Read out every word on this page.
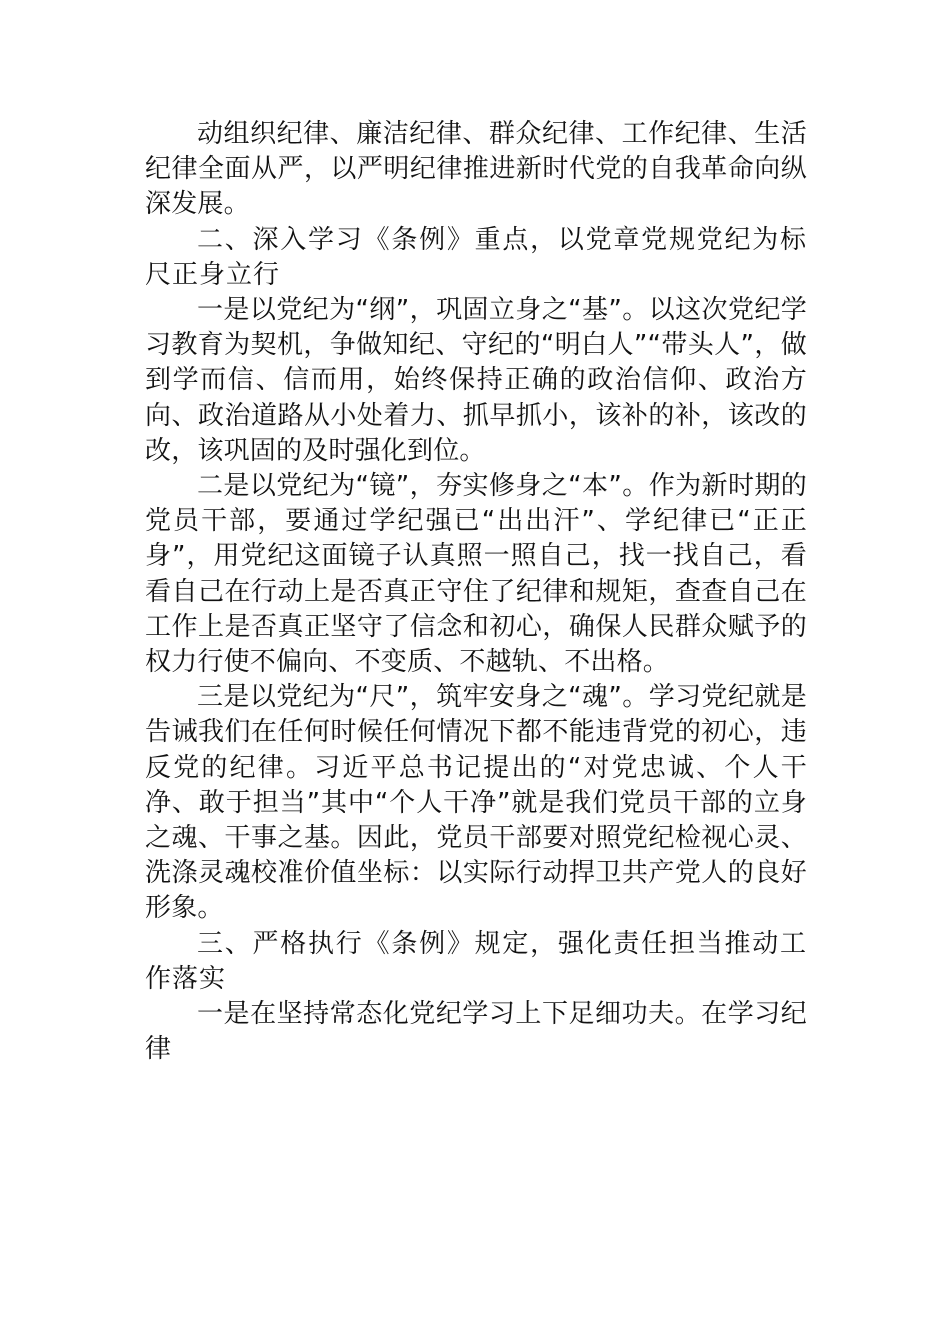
动组织纪律、廉洁纪律、群众纪律、工作纪律、生活纪律全面从严，以严明纪律推进新时代党的自我革命向纵深发展。

二、深入学习《条例》重点，以党章党规党纪为标尺正身立行

一是以党纪为“纲”，巩固立身之“基”。以这次党纪学习教育为契机，争做知纪、守纪的“明白人”“带头人”，做到学而信、信而用，始终保持正确的政治信仰、政治方向、政治道路从小处着力、抓早抓小，该补的补，该改的改，该巩固的及时强化到位。

二是以党纪为“镜”，夯实修身之“本”。作为新时期的党员干部，要通过学纪强已“出出汗”、学纪律已“正正身”，用党纪这面镜子认真照一照自己，找一找自己，看看自己在行动上是否真正守住了纪律和规矩，查查自己在工作上是否真正坚守了信念和初心，确保人民群众赋予的权力行使不偏向、不变质、不越轨、不出格。

三是以党纪为“尺”，筑牢安身之“魂”。学习党纪就是告诫我们在任何时候任何情况下都不能违背党的初心，违反党的纪律。习近平总书记提出的“对党忠诚、个人干净、敢于担当”其中“个人干净”就是我们党员干部的立身之魂、干事之基。因此，党员干部要对照党纪检视心灵、洗涤灵魂校准价值坐标：以实际行动捍卫共产党人的良好形象。

三、严格执行《条例》规定，强化责任担当推动工作落实

一是在坚持常态化党纪学习上下足细功夫。在学习纪律
